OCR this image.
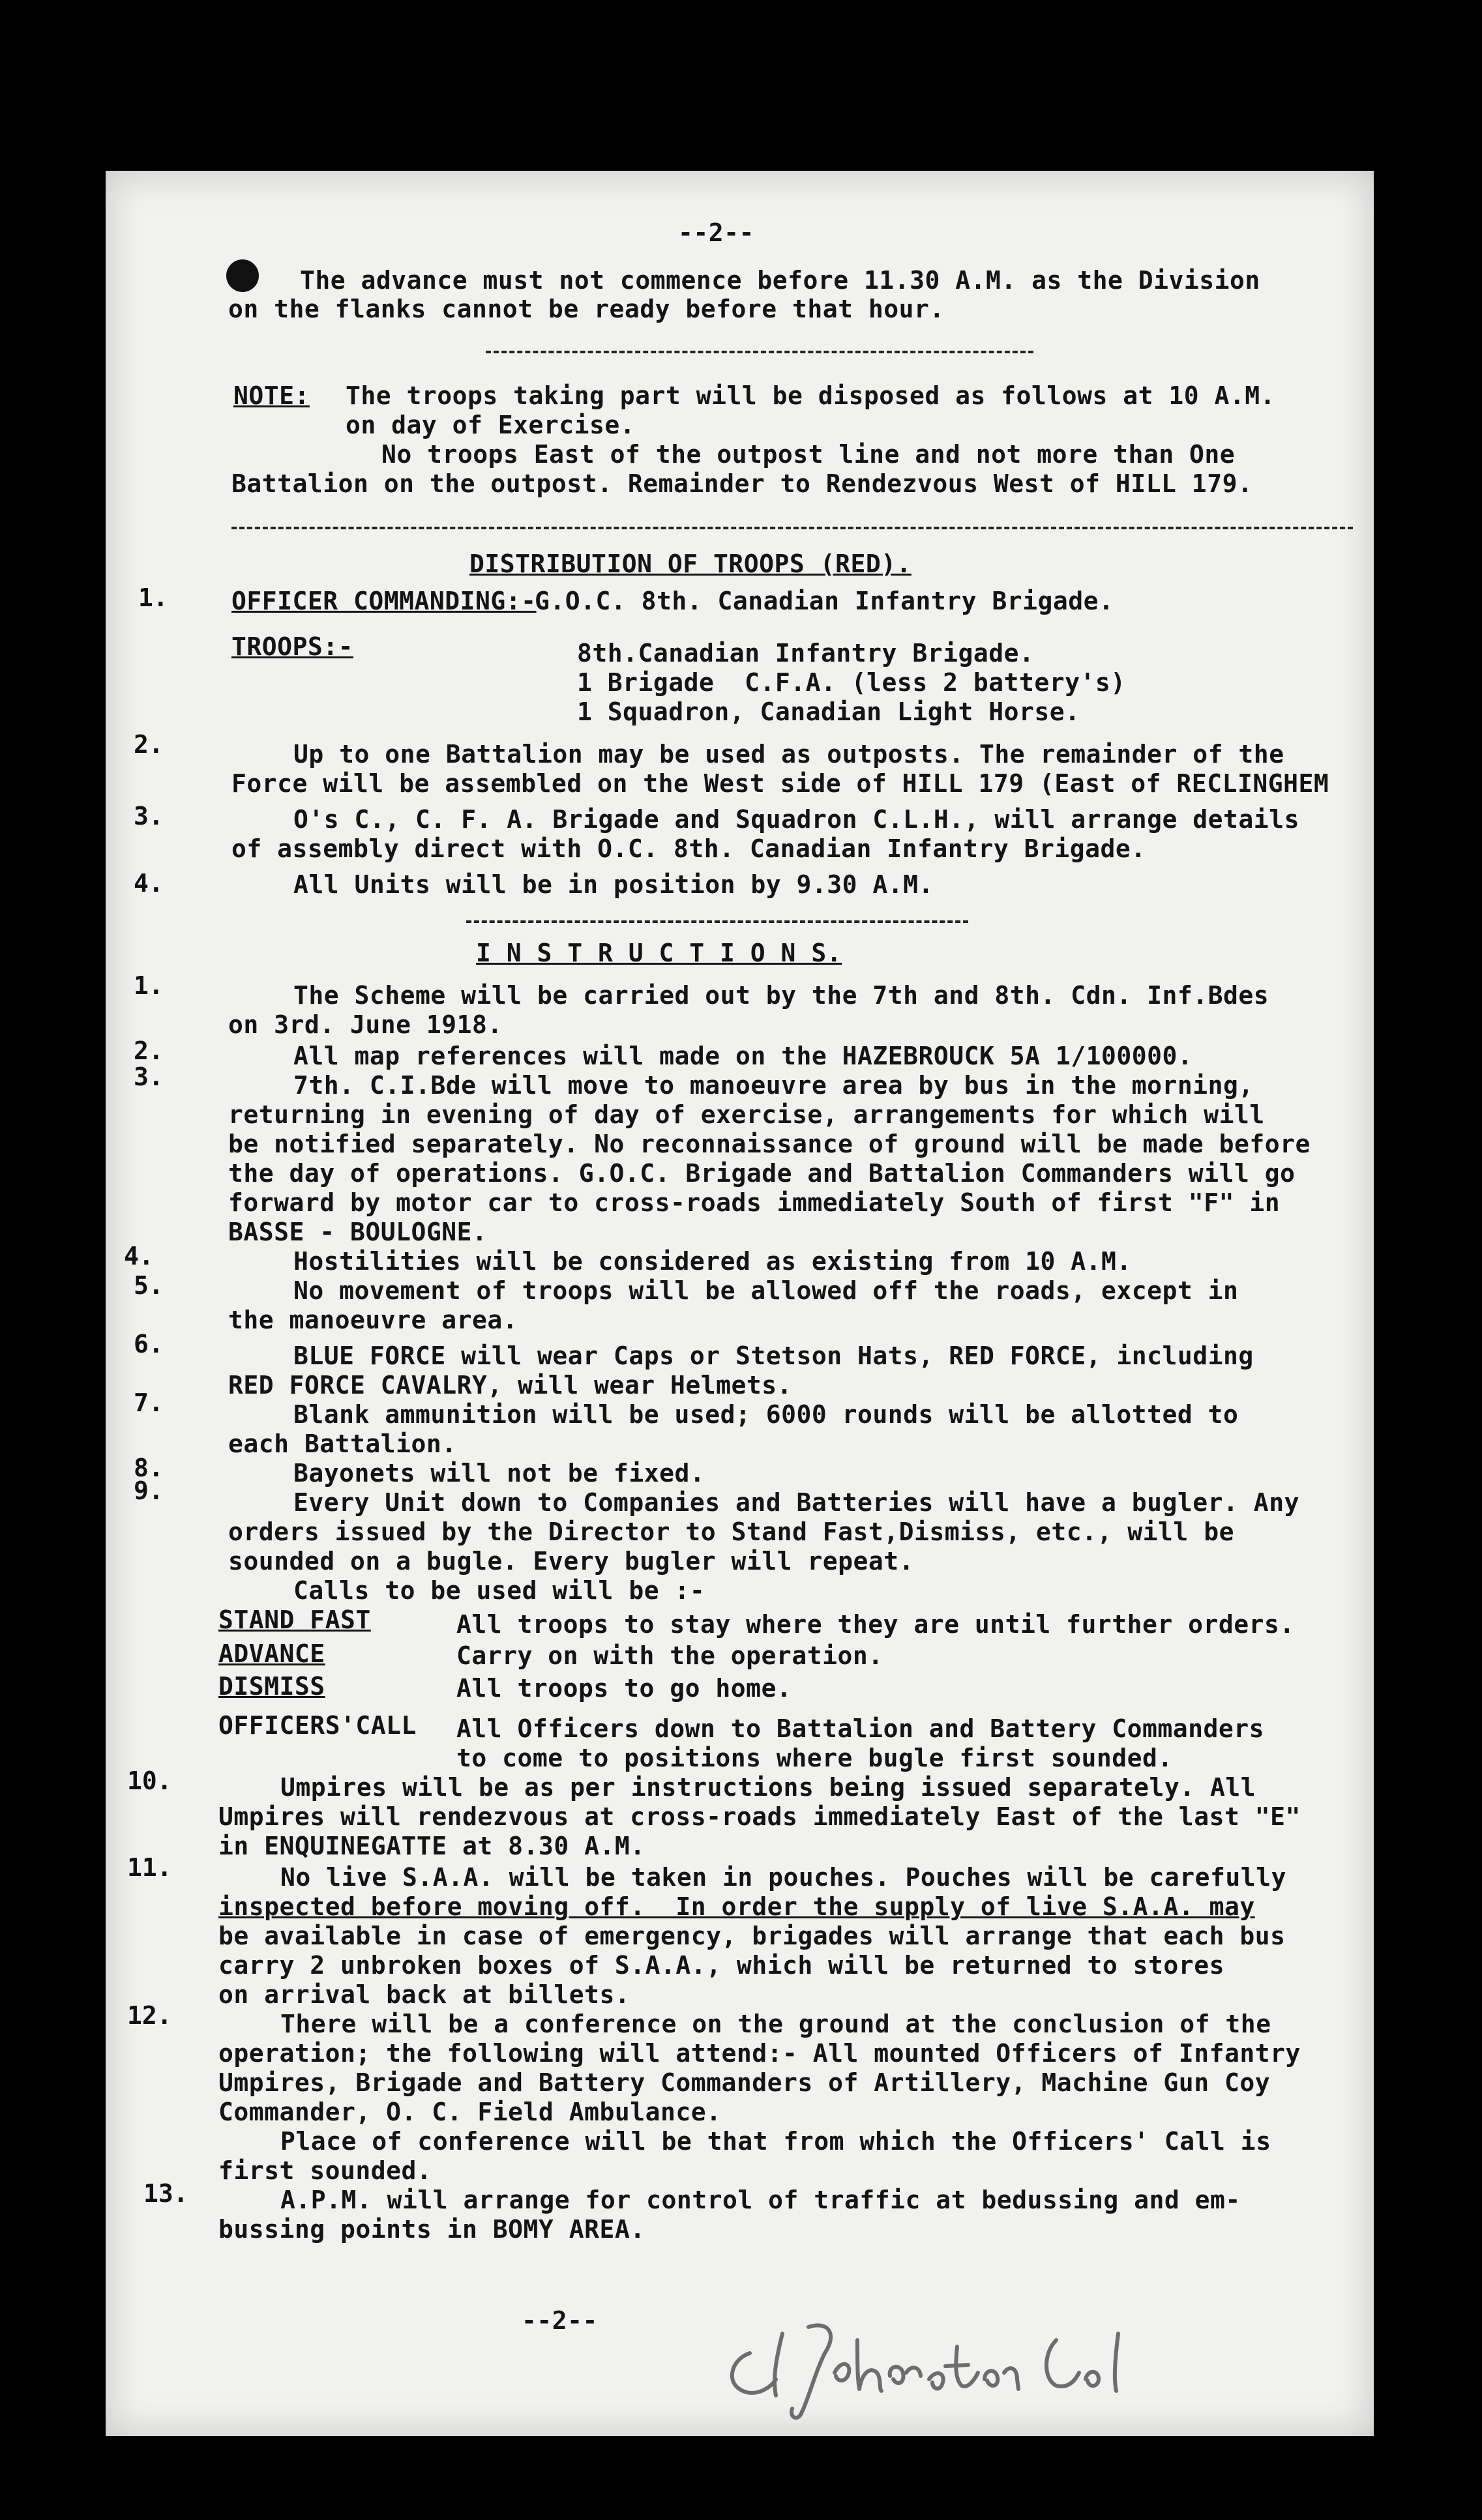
--2--
The advance must not commence before 11.30 A.M. as the Division
on the flanks cannot be ready before that hour.
NOTE: The troops taking part will be disposed as follows at 10 A.M.
on day of Exercise.
No troops East of the outpost line and not more than One
Battalion on the outpost. Remainder to Rendezvous West of HILL 179.
DISTRIBUTION OF TROOPS (RED).
1.	OFFICER COMMANDING:-
G.O.C. 8th. Canadian Infantry Brigade.
TROOPS:-	8th.Canadian Infantry Brigade.
1 Brigade  C.F.A. (less 2 battery's)
1 Squadron, Canadian Light Horse.
2.	Up to one Battalion may be used as outposts. The remainder of the
Force will be assembled on the West side of HILL 179 (East of RECLINGHEM
3.	O's C., C. F. A. Brigade and Squadron C.L.H., will arrange details
of assembly direct with O.C. 8th. Canadian Infantry Brigade.
4.	All Units will be in position by 9.30 A.M.
I N S T R U C T I O N S.
1.	The Scheme will be carried out by the 7th and 8th. Cdn. Inf.Bdes
on 3rd. June 1918.
2.	All map references will made on the HAZEBROUCK 5A 1/100000.
3.	7th. C.I.Bde will move to manoeuvre area by bus in the morning,
returning in evening of day of exercise, arrangements for which will
be notified separately. No reconnaissance of ground will be made before
the day of operations. G.O.C. Brigade and Battalion Commanders will go
forward by motor car to cross-roads immediately South of first "F" in
BASSE - BOULOGNE.
4.	Hostilities will be considered as existing from 10 A.M.
5.	No movement of troops will be allowed off the roads, except in
the manoeuvre area.
6.	BLUE FORCE will wear Caps or Stetson Hats, RED FORCE, including
RED FORCE CAVALRY, will wear Helmets.
7.	Blank ammunition will be used; 6000 rounds will be allotted to
each Battalion.
8.	Bayonets will not be fixed.
9.	Every Unit down to Companies and Batteries will have a bugler. Any
orders issued by the Director to Stand Fast,Dismiss, etc., will be
sounded on a bugle. Every bugler will repeat.
Calls to be used will be :-
STAND FAST	All troops to stay where they are until further orders.
ADVANCE	Carry on with the operation.
DISMISS	All troops to go home.
OFFICERS'CALL All Officers down to Battalion and Battery Commanders
to come to positions where bugle first sounded.
10.	Umpires will be as per instructions being issued separately. All
Umpires will rendezvous at cross-roads immediately East of the last "E"
in ENQUINEGATTE at 8.30 A.M.
11.	No live S.A.A. will be taken in pouches. Pouches will be carefully
inspected before moving off.  In order the supply of live S.A.A. may
be available in case of emergency, brigades will arrange that each bus
carry 2 unbroken boxes of S.A.A., which will be returned to stores
on arrival back at billets.
12.	There will be a conference on the ground at the conclusion of the
operation; the following will attend:- All mounted Officers of Infantry
Umpires, Brigade and Battery Commanders of Artillery, Machine Gun Coy
Commander, O. C. Field Ambulance.
Place of conference will be that from which the Officers' Call is
first sounded.
13.	A.P.M. will arrange for control of traffic at bedussing and em-
bussing points in BOMY AREA.
--2--
